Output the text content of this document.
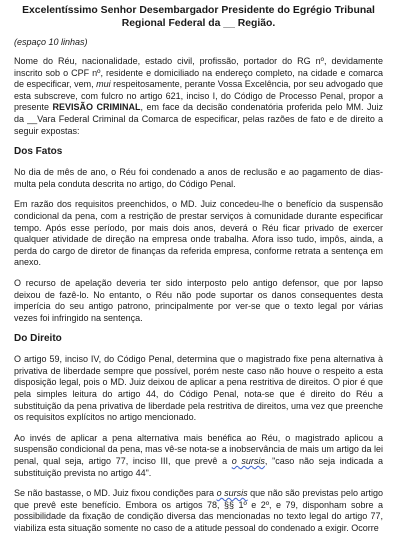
Excelentíssimo Senhor Desembargador Presidente do Egrégio Tribunal Regional Federal da __ Região.
(espaço 10 linhas)

Nome do Réu, nacionalidade, estado civil, profissão, portador do RG nº, devidamente inscrito sob o CPF nº, residente e domiciliado na endereço completo, na cidade e comarca de especificar, vem, mui respeitosamente, perante Vossa Excelência, por seu advogado que esta subscreve, com fulcro no artigo 621, inciso I, do Código de Processo Penal, propor a presente REVISÃO CRIMINAL, em face da decisão condenatória proferida pelo MM. Juiz da __Vara Federal Criminal da Comarca de especificar, pelas razões de fato e de direito a seguir expostas:

Dos Fatos

No dia de mês de ano, o Réu foi condenado a anos de reclusão e ao pagamento de dias-multa pela conduta descrita no artigo, do Código Penal.

Em razão dos requisitos preenchidos, o MD. Juiz concedeu-lhe o benefício da suspensão condicional da pena, com a restrição de prestar serviços à comunidade durante especificar tempo. Após esse período, por mais dois anos, deverá o Réu ficar privado de exercer qualquer atividade de direção na empresa onde trabalha. Afora isso tudo, impôs, ainda, a perda do cargo de diretor de finanças da referida empresa, conforme retrata a sentença em anexo.

O recurso de apelação deveria ter sido interposto pelo antigo defensor, que por lapso deixou de fazê-lo. No entanto, o Réu não pode suportar os danos consequentes desta imperícia do seu antigo patrono, principalmente por ver-se que o texto legal por várias vezes foi infringido na sentença.

Do Direito

O artigo 59, inciso IV, do Código Penal, determina que o magistrado fixe pena alternativa à privativa de liberdade sempre que possível, porém neste caso não houve o respeito a esta disposição legal, pois o MD. Juiz deixou de aplicar a pena restritiva de direitos. O pior é que pela simples leitura do artigo 44, do Código Penal, nota-se que é direito do Réu a substituição da pena privativa de liberdade pela restritiva de direitos, uma vez que preenche os requisitos explícitos no artigo mencionado.

Ao invés de aplicar a pena alternativa mais benéfica ao Réu, o magistrado aplicou a suspensão condicional da pena, mas vê-se nota-se a inobservância de mais um artigo da lei penal, qual seja, artigo 77, inciso III, que prevê a o sursis, "caso não seja indicada a substituição prevista no artigo 44".

Se não bastasse, o MD. Juiz fixou condições para o sursis que não são previstas pelo artigo que prevê este benefício. Embora os artigos 78, §§ 1º e 2º, e 79, disponham sobre a possibilidade da fixação de condição diversa das mencionadas no texto legal do artigo 77, viabiliza esta situação somente no caso de a atitude pessoal do condenado a exigir. Ocorre
